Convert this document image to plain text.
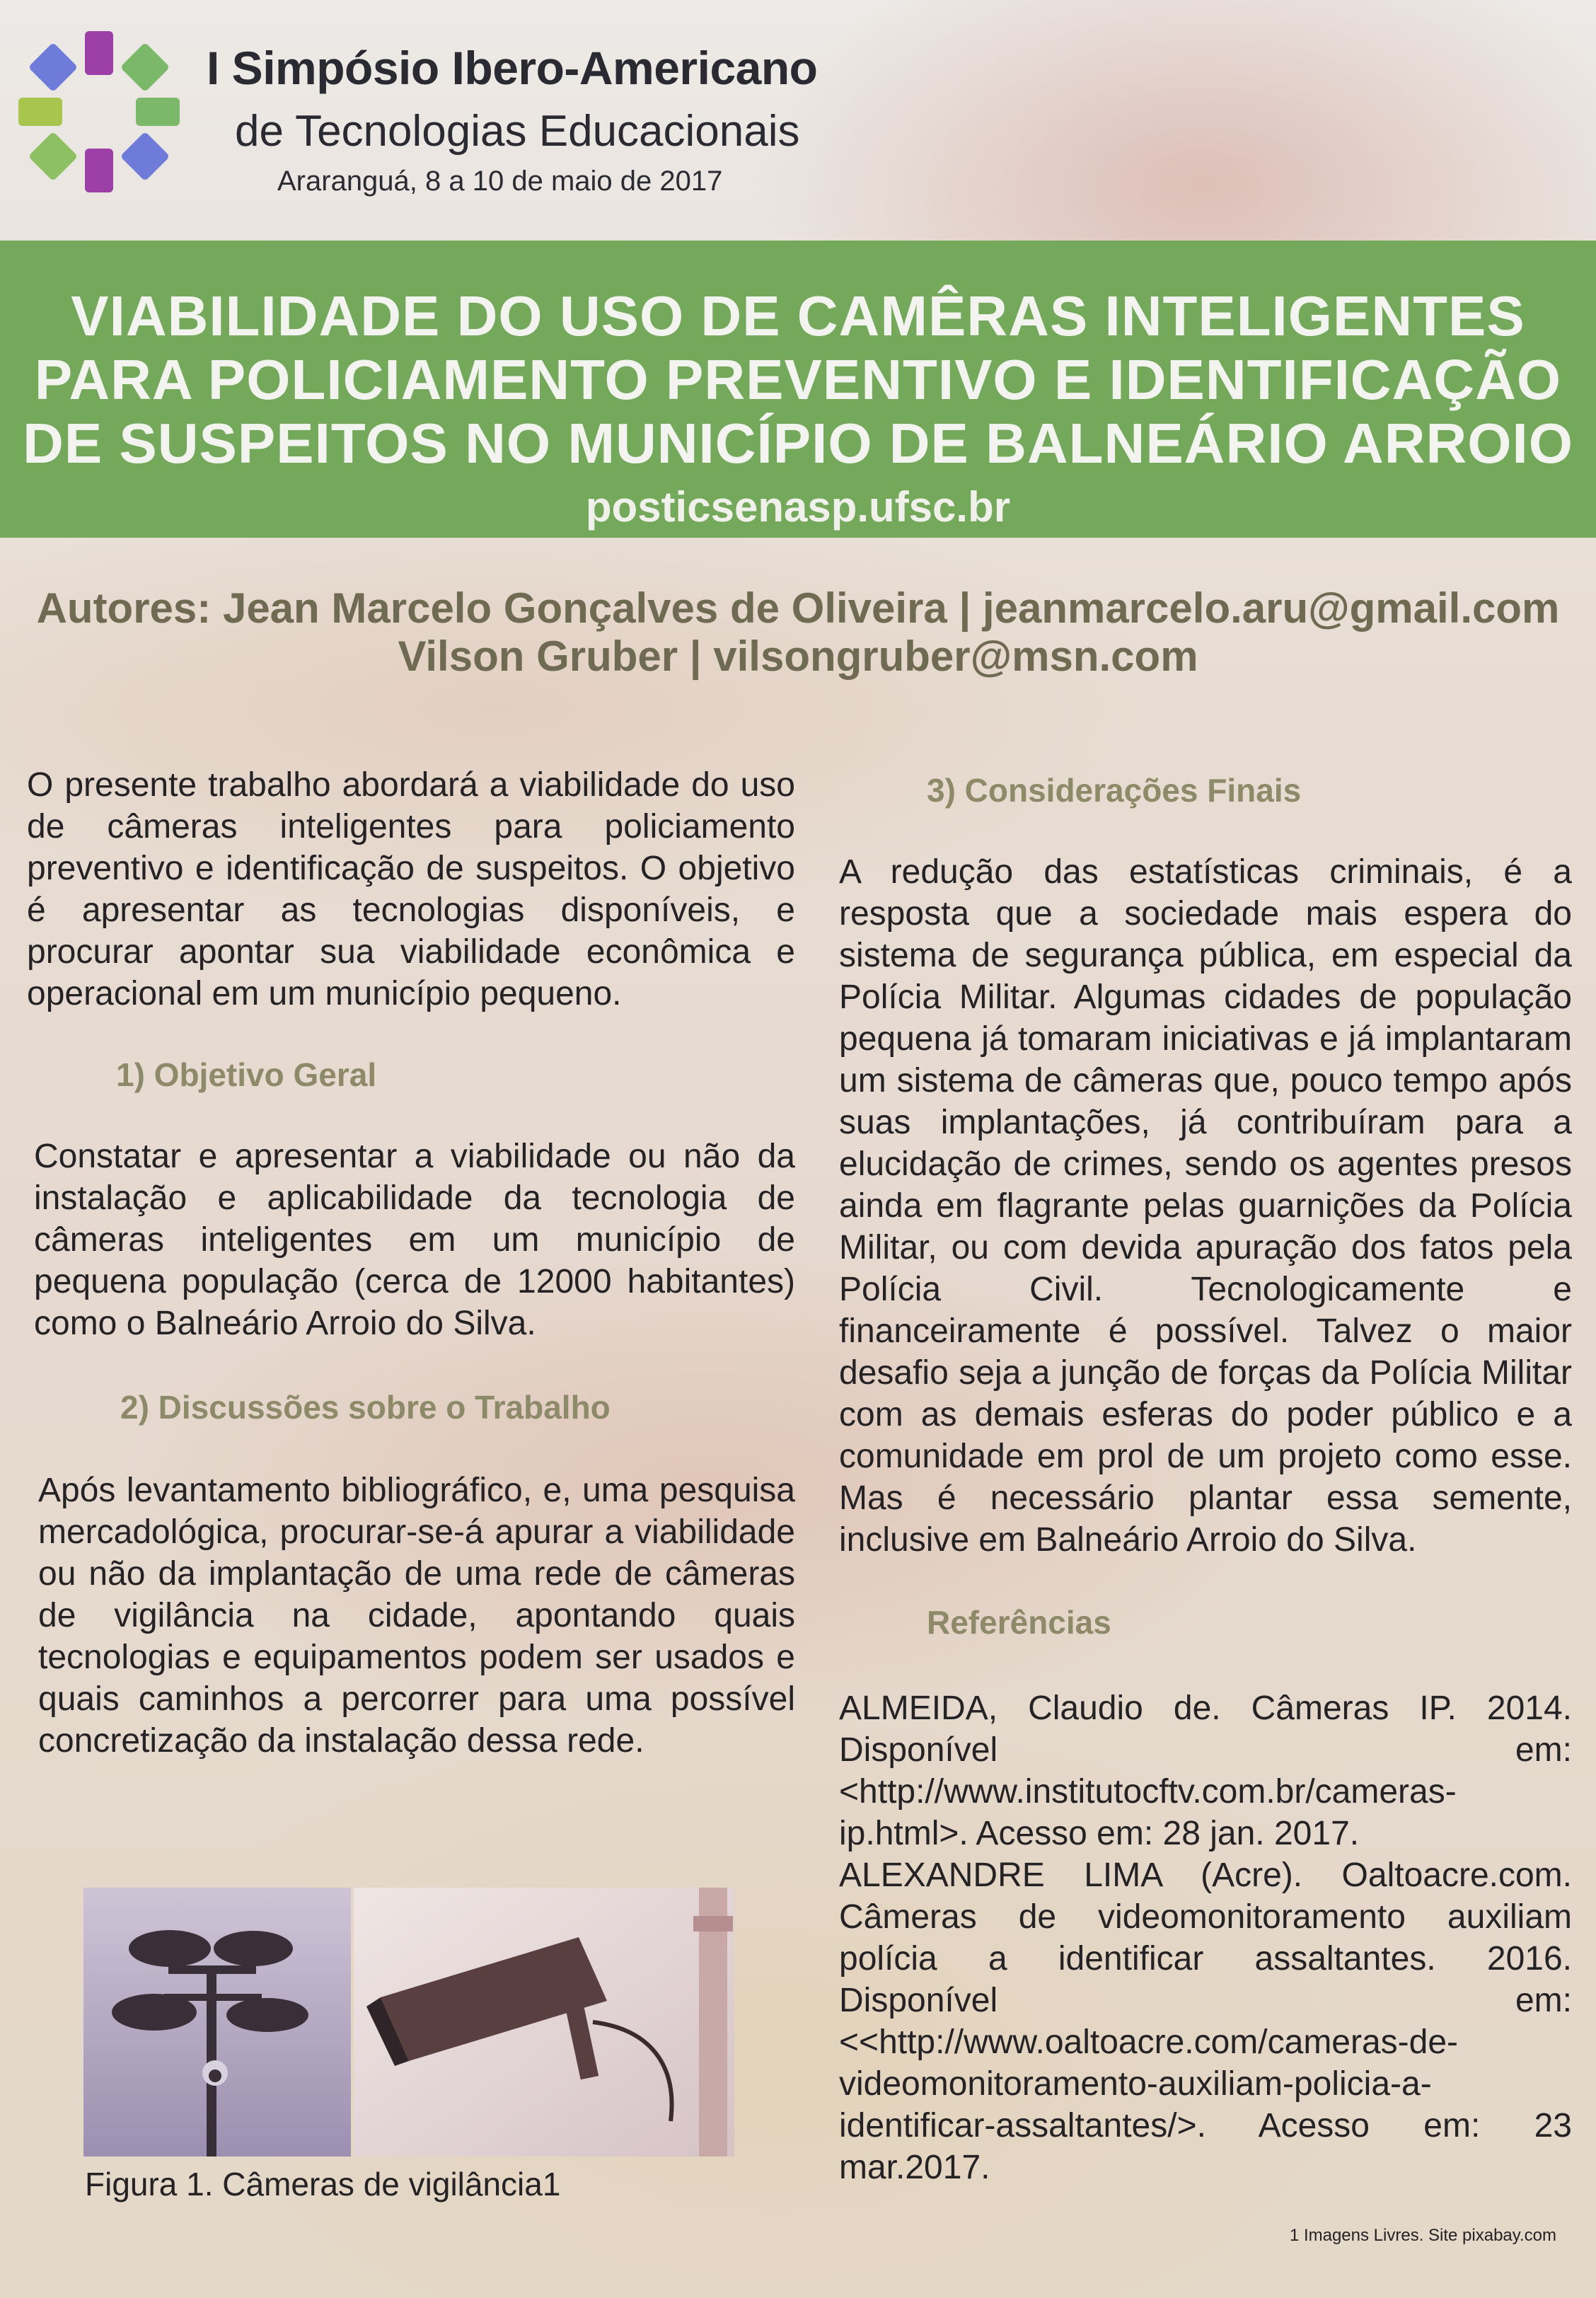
I Simpósio Ibero-Americano
de Tecnologias Educacionais
Araranguá, 8 a 10 de maio de 2017
VIABILIDADE DO USO DE CAMÊRAS INTELIGENTES
PARA POLICIAMENTO PREVENTIVO E IDENTIFICAÇÃO
DE SUSPEITOS NO MUNICÍPIO DE BALNEÁRIO ARROIO
posticsenasp.ufsc.br
Autores: Jean Marcelo Gonçalves de Oliveira | jeanmarcelo.aru@gmail.com
Vilson Gruber | vilsongruber@msn.com

O presente trabalho abordará a viabilidade do uso de câmeras inteligentes para policiamento preventivo e identificação de suspeitos. O objetivo é apresentar as tecnologias disponíveis, e procurar apontar sua viabilidade econômica e operacional em um município pequeno.

1) Objetivo Geral

Constatar e apresentar a viabilidade ou não da instalação e aplicabilidade da tecnologia de câmeras inteligentes em um município de pequena população (cerca de 12000 habitantes) como o Balneário Arroio do Silva.

2) Discussões sobre o Trabalho

Após levantamento bibliográfico, e, uma pesquisa mercadológica, procurar-se-á apurar a viabilidade ou não da implantação de uma rede de câmeras de vigilância na cidade, apontando quais tecnologias e equipamentos podem ser usados e quais caminhos a percorrer para uma possível concretização da instalação dessa rede.

3) Considerações Finais

A redução das estatísticas criminais, é a resposta que a sociedade mais espera do sistema de segurança pública, em especial da Polícia Militar. Algumas cidades de população pequena já tomaram iniciativas e já implantaram um sistema de câmeras que, pouco tempo após suas implantações, já contribuíram para a elucidação de crimes, sendo os agentes presos ainda em flagrante pelas guarnições da Polícia Militar, ou com devida apuração dos fatos pela Polícia Civil. Tecnologicamente e financeiramente é possível. Talvez o maior desafio seja a junção de forças da Polícia Militar com as demais esferas do poder público e a comunidade em prol de um projeto como esse. Mas é necessário plantar essa semente, inclusive em Balneário Arroio do Silva.

Referências

ALMEIDA, Claudio de. Câmeras IP. 2014. Disponível em:<http://www.institutocftv.com.br/cameras-ip.html>. Acesso em: 28 jan. 2017.

ALEXANDRE LIMA (Acre). Oaltoacre.com. Câmeras de videomonitoramento auxiliam polícia a identificar assaltantes. 2016. Disponível em:<<http://www.oaltoacre.com/cameras-de-videomonitoramento-auxiliam-policia-a-identificar-assaltantes/>. Acesso em: 23 mar.2017.

Figura 1. Câmeras de vigilância1
1 Imagens Livres. Site pixabay.com
